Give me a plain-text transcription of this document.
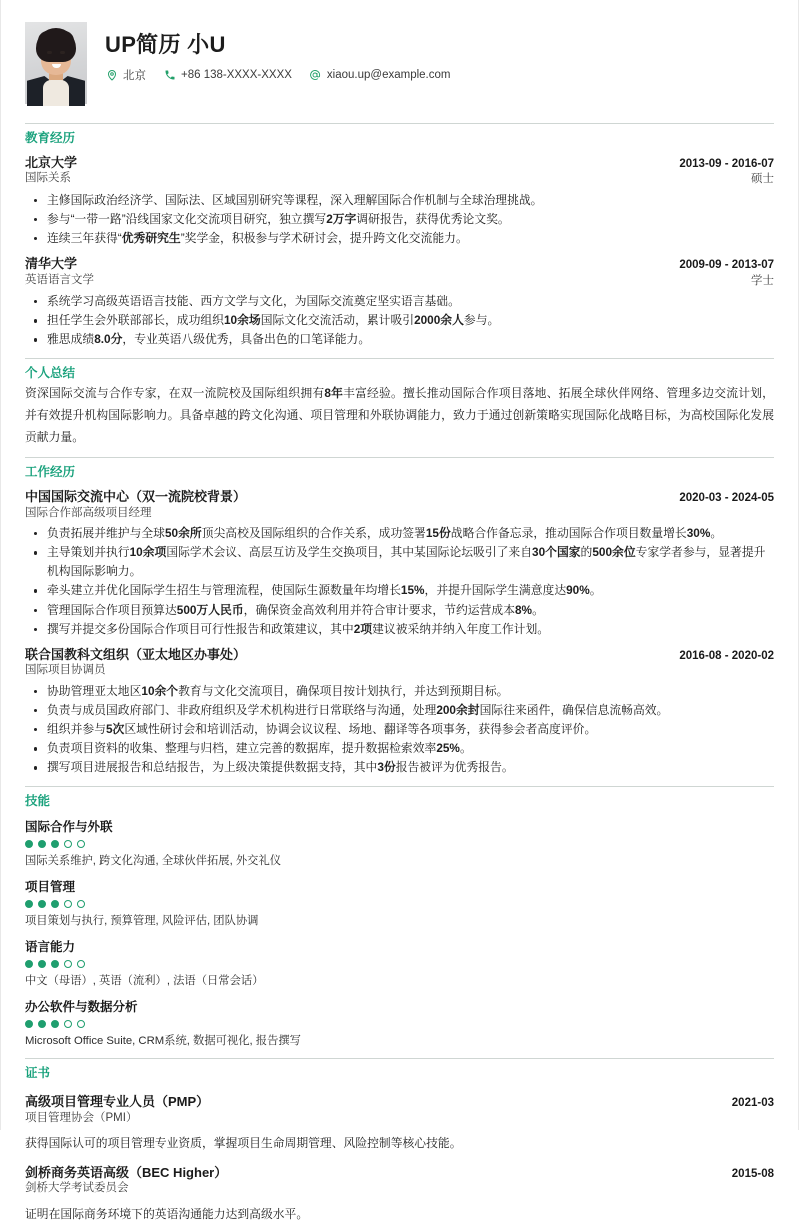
UP简历 小U
北京	+86 138-XXXX-XXXX	xiaou.up@example.com
教育经历
北京大学
国际关系
2013-09 - 2016-07
硕士
主修国际政治经济学、国际法、区域国别研究等课程，深入理解国际合作机制与全球治理挑战。
参与“一带一路”沿线国家文化交流项目研究，独立撰写2万字调研报告，获得优秀论文奖。
连续三年获得“优秀研究生”奖学金，积极参与学术研讨会，提升跨文化交流能力。
清华大学
英语语言文学
2009-09 - 2013-07
学士
系统学习高级英语语言技能、西方文学与文化，为国际交流奠定坚实语言基础。
担任学生会外联部部长，成功组织10余场国际文化交流活动，累计吸引2000余人参与。
雅思成绩8.0分，专业英语八级优秀，具备出色的口笔译能力。
个人总结
资深国际交流与合作专家，在双一流院校及国际组织拥有8年丰富经验。擅长推动国际合作项目落地、拓展全球伙伴网络、管理多边交流计划，并有效提升机构国际影响力。具备卓越的跨文化沟通、项目管理和外联协调能力，致力于通过创新策略实现国际化战略目标，为高校国际化发展贡献力量。
工作经历
中国国际交流中心（双一流院校背景）
国际合作部高级项目经理
2020-03 - 2024-05
负责拓展并维护与全球50余所顶尖高校及国际组织的合作关系，成功签署15份战略合作备忘录，推动国际合作项目数量增长30%。
主导策划并执行10余项国际学术会议、高层互访及学生交换项目，其中某国际论坛吸引了来自30个国家的500余位专家学者参与，显著提升机构国际影响力。
牵头建立并优化国际学生招生与管理流程，使国际生源数量年均增长15%，并提升国际学生满意度达90%。
管理国际合作项目预算达500万人民币，确保资金高效利用并符合审计要求，节约运营成本8%。
撰写并提交多份国际合作项目可行性报告和政策建议，其中2项建议被采纳并纳入年度工作计划。
联合国教科文组织（亚太地区办事处）
国际项目协调员
2016-08 - 2020-02
协助管理亚太地区10余个教育与文化交流项目，确保项目按计划执行，并达到预期目标。
负责与成员国政府部门、非政府组织及学术机构进行日常联络与沟通，处理200余封国际往来函件，确保信息流畅高效。
组织并参与5次区域性研讨会和培训活动，协调会议议程、场地、翻译等各项事务，获得参会者高度评价。
负责项目资料的收集、整理与归档，建立完善的数据库，提升数据检索效率25%。
撰写项目进展报告和总结报告，为上级决策提供数据支持，其中3份报告被评为优秀报告。
技能
国际合作与外联
国际关系维护, 跨文化沟通, 全球伙伴拓展, 外交礼仪
项目管理
项目策划与执行, 预算管理, 风险评估, 团队协调
语言能力
中文（母语）, 英语（流利）, 法语（日常会话）
办公软件与数据分析
Microsoft Office Suite, CRM系统, 数据可视化, 报告撰写
证书
高级项目管理专业人员（PMP）
项目管理协会（PMI）
2021-03
获得国际认可的项目管理专业资质，掌握项目生命周期管理、风险控制等核心技能。
剑桥商务英语高级（BEC Higher）
剑桥大学考试委员会
2015-08
证明在国际商务环境下的英语沟通能力达到高级水平。
